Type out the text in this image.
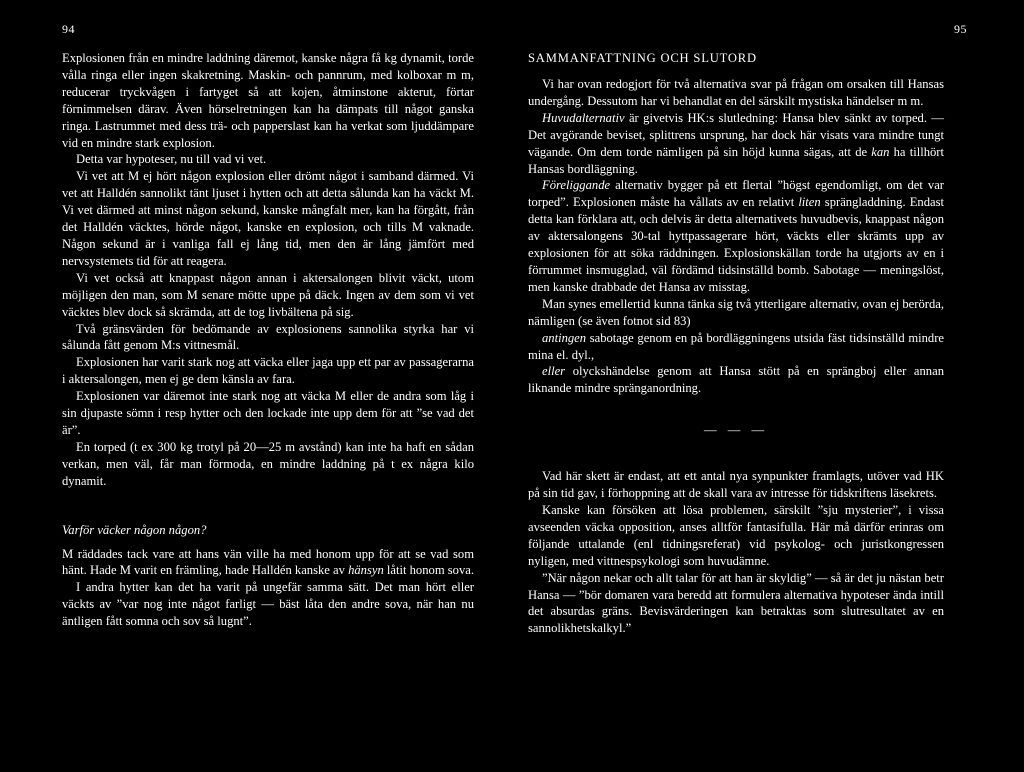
94	95

Explosionen från en mindre laddning däremot, kanske några få kg dynamit, torde vålla ringa eller ingen skakretning. Maskin- och pannrum, med kolboxar m m, reducerar tryckvågen i fartyget så att kojen, åtminstone akterut, förtar förnimmelsen därav. Även hörselretningen kan ha dämpats till något ganska ringa. Lastrummet med dess trä- och papperslast kan ha verkat som ljuddämpare vid en mindre stark explosion.

Detta var hypoteser, nu till vad vi vet.

Vi vet att M ej hört någon explosion eller drömt något i samband därmed. Vi vet att Halldén sannolikt tänt ljuset i hytten och att detta sålunda kan ha väckt M. Vi vet därmed att minst någon sekund, kanske mångfalt mer, kan ha förgått, från det Halldén väcktes, hörde något, kanske en explosion, och tills M vaknade. Någon sekund är i vanliga fall ej lång tid, men den är lång jämfört med nervsystemets tid för att reagera.

Vi vet också att knappast någon annan i aktersalongen blivit väckt, utom möjligen den man, som M senare mötte uppe på däck. Ingen av dem som vi vet väcktes blev dock så skrämda, att de tog livbältena på sig.

Två gränsvärden för bedömande av explosionens sannolika styrka har vi sålunda fått genom M:s vittnesmål.

Explosionen har varit stark nog att väcka eller jaga upp ett par av passagerarna i aktersalongen, men ej ge dem känsla av fara.

Explosionen var däremot inte stark nog att väcka M eller de andra som låg i sin djupaste sömn i resp hytter och den lockade inte upp dem för att ”se vad det är”.

En torped (t ex 300 kg trotyl på 20—25 m avstånd) kan inte ha haft en sådan verkan, men väl, får man förmoda, en mindre laddning på t ex några kilo dynamit.

Varför väcker någon någon?

M räddades tack vare att hans vän ville ha med honom upp för att se vad som hänt. Hade M varit en främling, hade Halldén kanske av hänsyn låtit honom sova.

I andra hytter kan det ha varit på ungefär samma sätt. Det man hört eller väckts av ”var nog inte något farligt — bäst låta den andre sova, när han nu äntligen fått somna och sov så lugnt”.

SAMMANFATTNING OCH SLUTORD

Vi har ovan redogjort för två alternativa svar på frågan om orsaken till Hansas undergång. Dessutom har vi behandlat en del särskilt mystiska händelser m m.

Huvudalternativ är givetvis HK:s slutledning: Hansa blev sänkt av torped. — Det avgörande beviset, splittrens ursprung, har dock här visats vara mindre tungt vägande. Om dem torde nämligen på sin höjd kunna sägas, att de kan ha tillhört Hansas bordläggning.

Föreliggande alternativ bygger på ett flertal ”högst egendomligt, om det var torped”. Explosionen måste ha vållats av en relativt liten sprängladdning. Endast detta kan förklara att, och delvis är detta alternativets huvudbevis, knappast någon av aktersalongens 30-tal hyttpassagerare hört, väckts eller skrämts upp av explosionen för att söka räddningen. Explosionskällan torde ha utgjorts av en i förrummet insmugglad, väl fördämd tidsinställd bomb. Sabotage — meningslöst, men kanske drabbade det Hansa av misstag.

Man synes emellertid kunna tänka sig två ytterligare alternativ, ovan ej berörda, nämligen (se även fotnot sid 83)

antingen sabotage genom en på bordläggningens utsida fäst tidsinställd mindre mina el. dyl.,

eller olyckshändelse genom att Hansa stött på en sprängboj eller annan liknande mindre spränganordning.

— — —

Vad här skett är endast, att ett antal nya synpunkter framlagts, utöver vad HK på sin tid gav, i förhoppning att de skall vara av intresse för tidskriftens läsekrets.

Kanske kan försöken att lösa problemen, särskilt ”sju mysterier”, i vissa avseenden väcka opposition, anses alltför fantasifulla. Här må därför erinras om följande uttalande (enl tidningsreferat) vid psykolog- och juristkongressen nyligen, med vittnespsykologi som huvudämne.

”När någon nekar och allt talar för att han är skyldig” — så är det ju nästan betr Hansa — ”bör domaren vara beredd att formulera alternativa hypoteser ända intill det absurdas gräns. Bevisvärderingen kan betraktas som slutresultatet av en sannolikhetskalkyl.”
